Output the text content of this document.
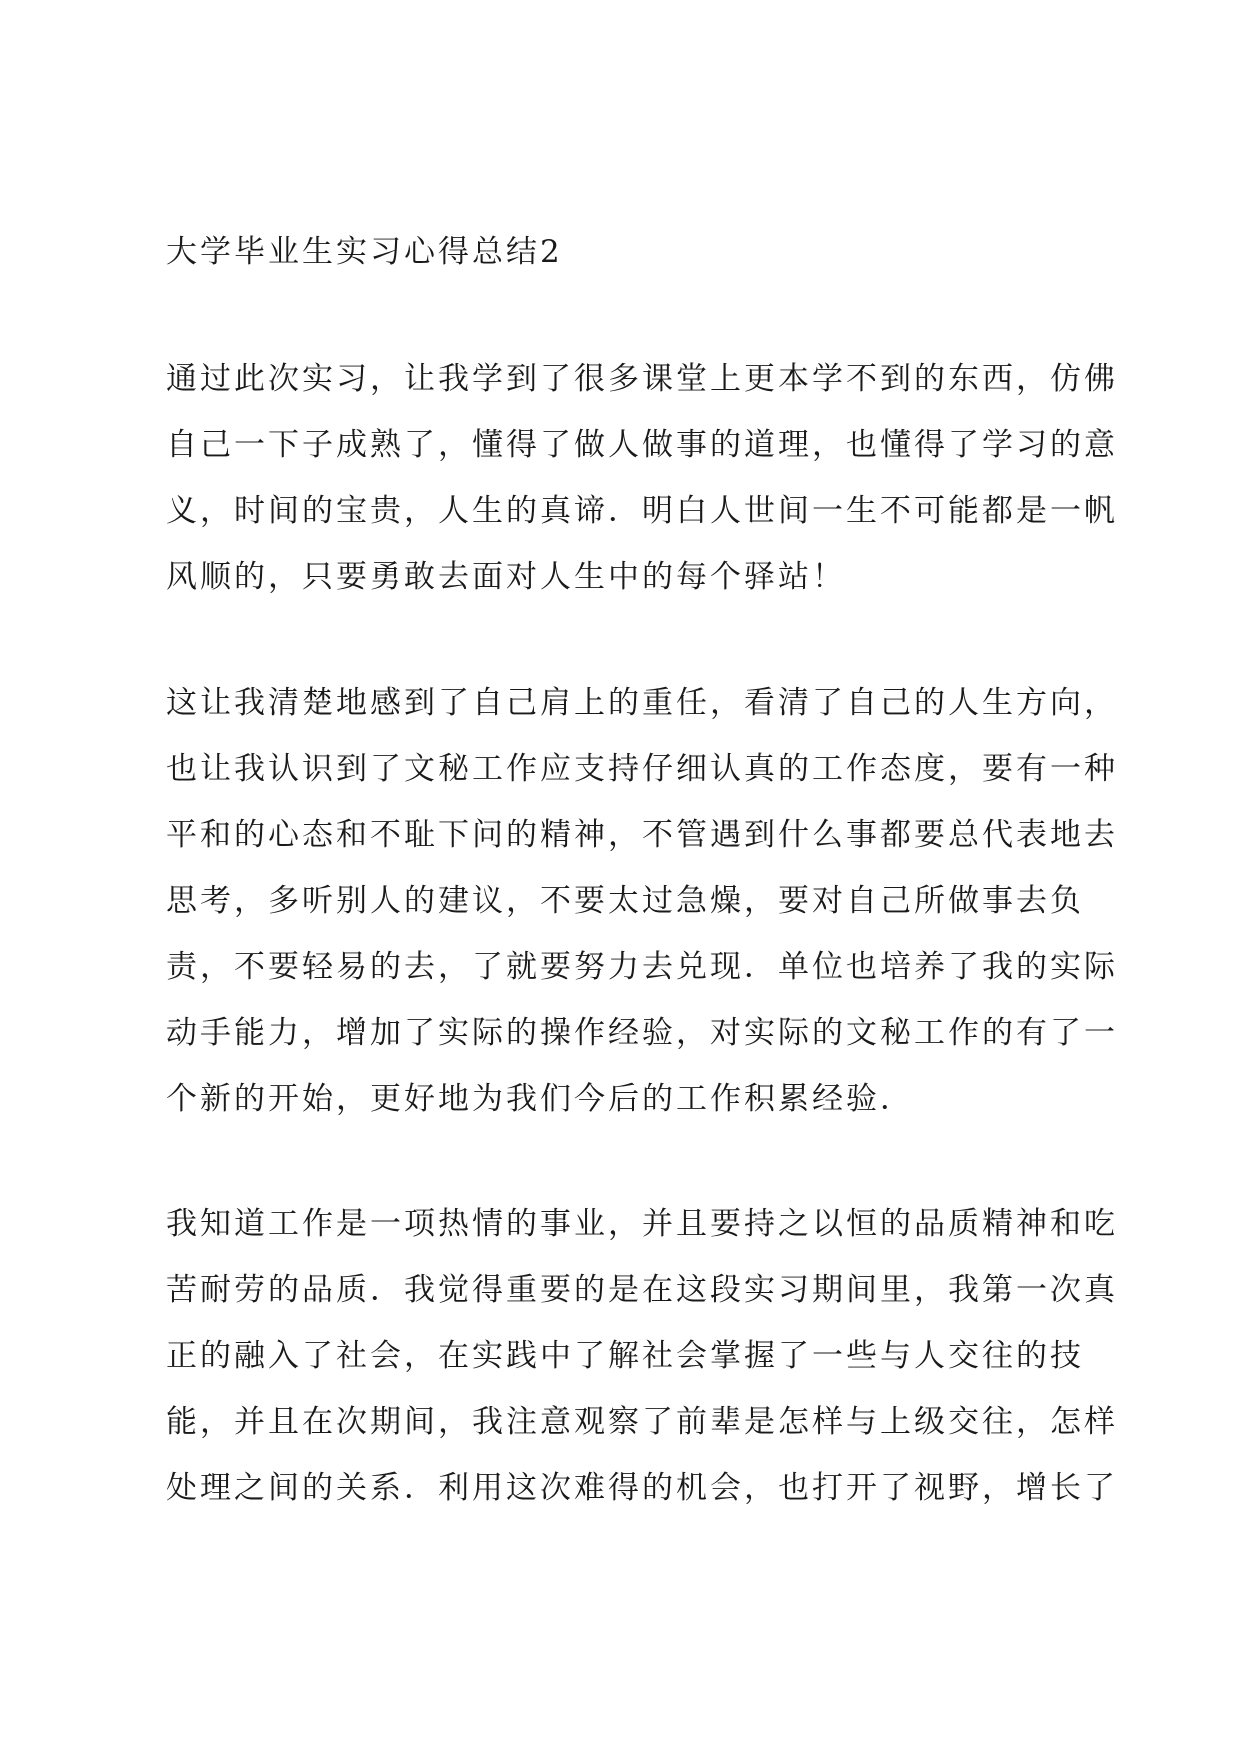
大学毕业生实习心得总结2
通过此次实习，让我学到了很多课堂上更本学不到的东西，仿佛
自己一下子成熟了，懂得了做人做事的道理，也懂得了学习的意
义，时间的宝贵，人生的真谛．明白人世间一生不可能都是一帆
风顺的，只要勇敢去面对人生中的每个驿站！
这让我清楚地感到了自己肩上的重任，看清了自己的人生方向，
也让我认识到了文秘工作应支持仔细认真的工作态度，要有一种
平和的心态和不耻下问的精神，不管遇到什么事都要总代表地去
思考，多听别人的建议，不要太过急燥，要对自己所做事去负
责，不要轻易的去，了就要努力去兑现．单位也培养了我的实际
动手能力，增加了实际的操作经验，对实际的文秘工作的有了一
个新的开始，更好地为我们今后的工作积累经验．
我知道工作是一项热情的事业，并且要持之以恒的品质精神和吃
苦耐劳的品质．我觉得重要的是在这段实习期间里，我第一次真
正的融入了社会，在实践中了解社会掌握了一些与人交往的技
能，并且在次期间，我注意观察了前辈是怎样与上级交往，怎样
处理之间的关系．利用这次难得的机会，也打开了视野，增长了
